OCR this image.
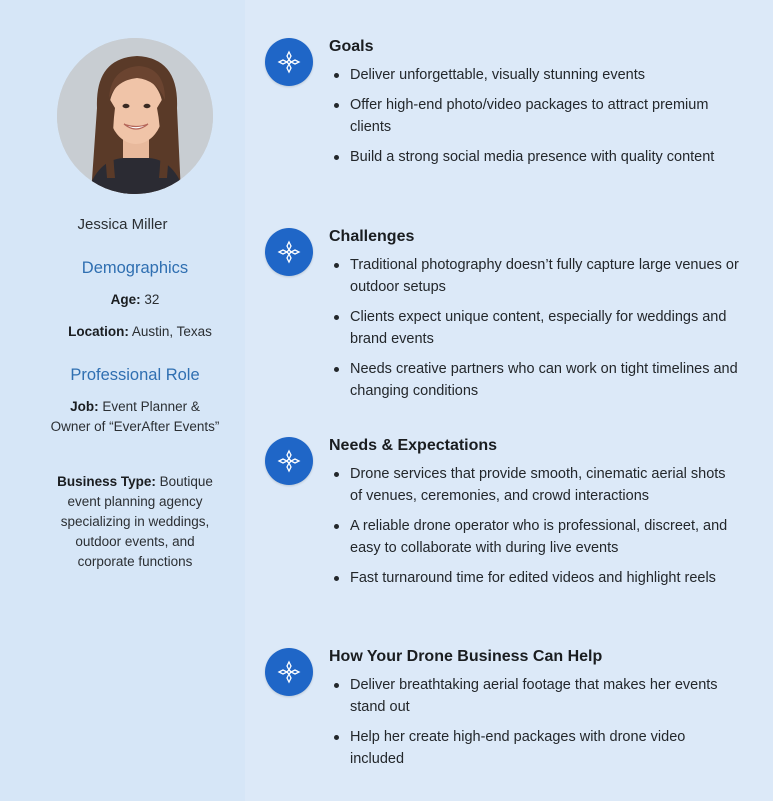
Jessica Miller
Demographics
Age: 32
Location: Austin, Texas
Professional Role
Job: Event Planner & Owner of “EverAfter Events”
Business Type: Boutique event planning agency specializing in weddings, outdoor events, and corporate functions
Goals
Deliver unforgettable, visually stunning events
Offer high-end photo/video packages to attract premium clients
Build a strong social media presence with quality content
Challenges
Traditional photography doesn’t fully capture large venues or outdoor setups
Clients expect unique content, especially for weddings and brand events
Needs creative partners who can work on tight timelines and changing conditions
Needs & Expectations
Drone services that provide smooth, cinematic aerial shots of venues, ceremonies, and crowd interactions
A reliable drone operator who is professional, discreet, and easy to collaborate with during live events
Fast turnaround time for edited videos and highlight reels
How Your Drone Business Can Help
Deliver breathtaking aerial footage that makes her events stand out
Help her create high-end packages with drone video included
